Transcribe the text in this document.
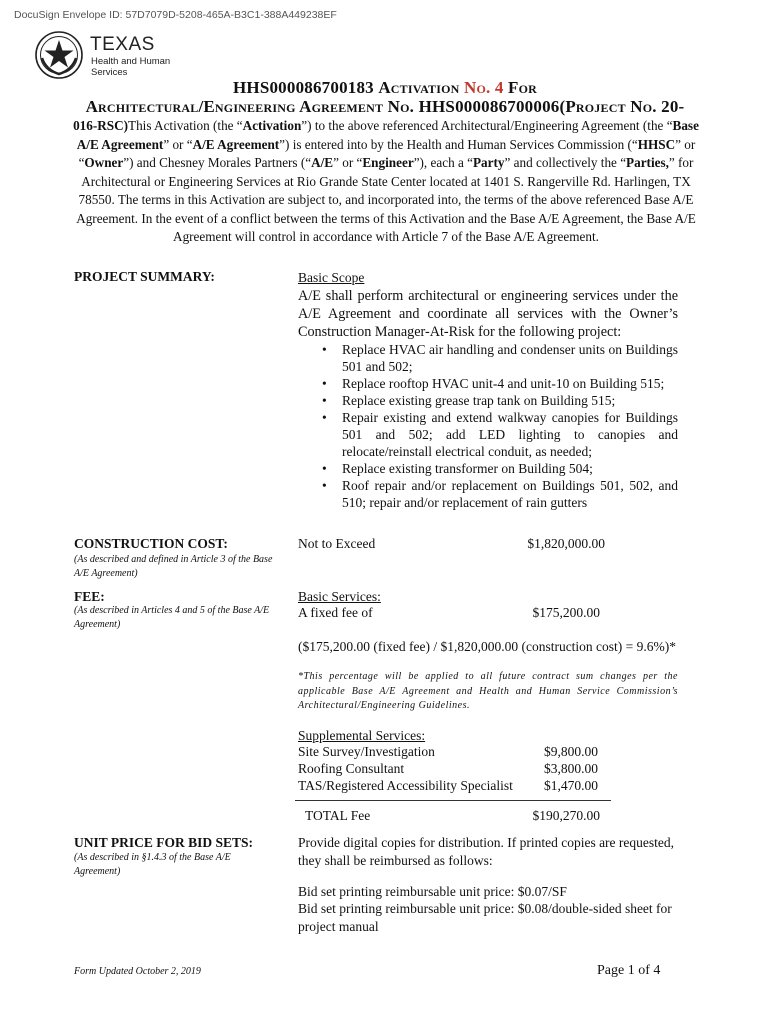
DocuSign Envelope ID: 57D7079D-5208-465A-B3C1-388A449238EF
TEXAS
Health and Human
Services
HHS000086700183 Activation No. 4 For
Architectural/Engineering Agreement No. HHS000086700006(Project No. 20-
016-RSC)This Activation (the “Activation”) to the above referenced Architectural/Engineering Agreement (the “Base A/E Agreement” or “A/E Agreement”) is entered into by the Health and Human Services Commission (“HHSC” or “Owner”) and Chesney Morales Partners (“A/E” or “Engineer”), each a “Party” and collectively the “Parties,” for Architectural or Engineering Services at Rio Grande State Center located at 1401 S. Rangerville Rd. Harlingen, TX 78550. The terms in this Activation are subject to, and incorporated into, the terms of the above referenced Base A/E Agreement. In the event of a conflict between the terms of this Activation and the Base A/E Agreement, the Base A/E Agreement will control in accordance with Article 7 of the Base A/E Agreement.
PROJECT SUMMARY:	Basic Scope
A/E shall perform architectural or engineering services under the A/E Agreement and coordinate all services with the Owner’s Construction Manager-At-Risk for the following project:
• Replace HVAC air handling and condenser units on Buildings 501 and 502;
• Replace rooftop HVAC unit-4 and unit-10 on Building 515;
• Replace existing grease trap tank on Building 515;
• Repair existing and extend walkway canopies for Buildings 501 and 502; add LED lighting to canopies and relocate/reinstall electrical conduit, as needed;
• Replace existing transformer on Building 504;
• Roof repair and/or replacement on Buildings 501, 502, and 510; repair and/or replacement of rain gutters
CONSTRUCTION COST:
(As described and defined in Article 3 of the Base A/E Agreement)
Not to Exceed	$1,820,000.00
FEE:
(As described in Articles 4 and 5 of the Base A/E Agreement)
Basic Services:
A fixed fee of	$175,200.00
($175,200.00 (fixed fee) / $1,820,000.00 (construction cost) = 9.6%)*
*This percentage will be applied to all future contract sum changes per the applicable Base A/E Agreement and Health and Human Service Commission’s Architectural/Engineering Guidelines.
Supplemental Services:
Site Survey/Investigation	$9,800.00
Roofing Consultant	$3,800.00
TAS/Registered Accessibility Specialist	$1,470.00
TOTAL Fee	$190,270.00
UNIT PRICE FOR BID SETS:
(As described in §1.4.3 of the Base A/E Agreement)
Provide digital copies for distribution. If printed copies are requested, they shall be reimbursed as follows:
Bid set printing reimbursable unit price: $0.07/SF
Bid set printing reimbursable unit price: $0.08/double-sided sheet for project manual
Form Updated October 2, 2019	Page 1 of 4
